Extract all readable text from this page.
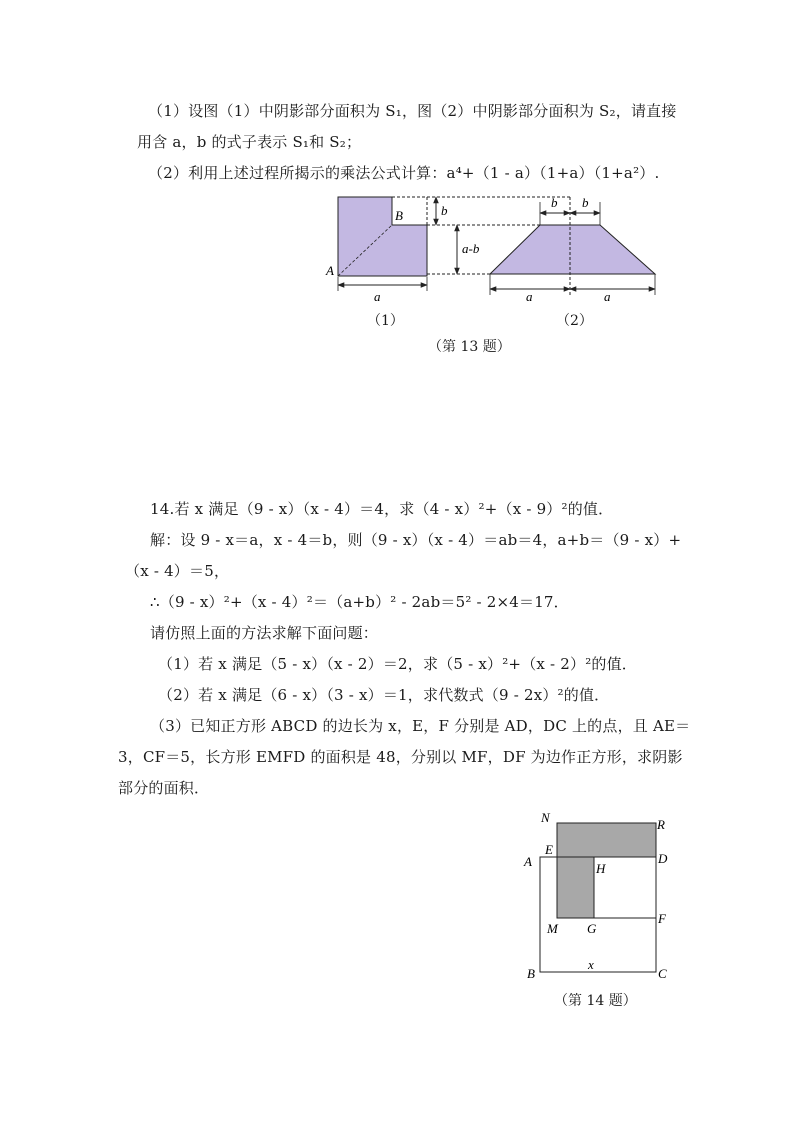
（1）设图（1）中阴影部分面积为 S₁，图（2）中阴影部分面积为 S₂，请直接
用含 a，b 的式子表示 S₁和 S₂；
（2）利用上述过程所揭示的乘法公式计算：a⁴+（1 - a）（1+a）（1+a²）.
A
B
a
b
a-b
b b
a	a
（1）	（2）
（第 13 题）
14.若 x 满足（9 - x）（x - 4）＝4，求（4 - x）²+（x - 9）²的值．
解：设 9 - x＝a，x - 4＝b，则（9 - x）（x - 4）＝ab＝4，a+b＝（9 - x）+
（x - 4）＝5，
∴（9 - x）²+（x - 4）²＝（a+b）² - 2ab＝5² - 2×4＝17．
请仿照上面的方法求解下面问题：
（1）若 x 满足（5 - x）（x - 2）＝2，求（5 - x）²+（x - 2）²的值．
（2）若 x 满足（6 - x）（3 - x）＝1，求代数式（9 - 2x）²的值．
（3）已知正方形 ABCD 的边长为 x，E，F 分别是 AD，DC 上的点，且 AE＝
3，CF＝5，长方形 EMFD 的面积是 48，分别以 MF，DF 为边作正方形，求阴影
部分的面积．
N	R
A
E
D
H
F
M G
B	C
x
（第 14 题）
